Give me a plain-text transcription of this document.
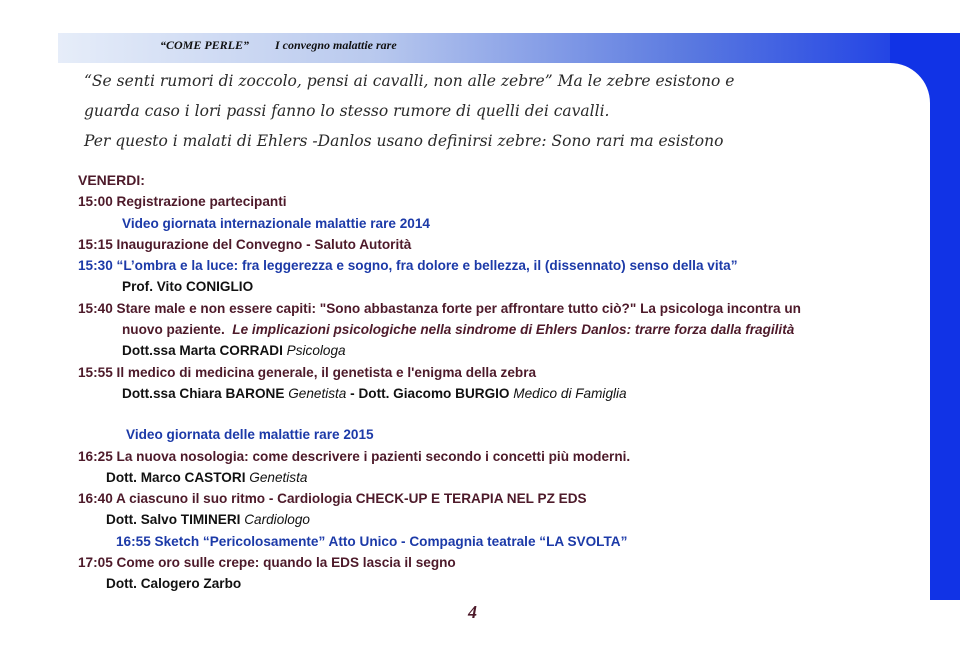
“COME PERLE” I convegno malattie rare
“Se senti rumori di zoccolo, pensi ai cavalli, non alle zebre” Ma le zebre esistono e
guarda caso i lori passi fanno lo stesso rumore di quelli dei cavalli.
Per questo i malati di Ehlers -Danlos usano definirsi zebre: Sono rari ma esistono
VENERDI:
15:00 Registrazione partecipanti
Video giornata internazionale malattie rare 2014
15:15 Inaugurazione del Convegno - Saluto Autorità
15:30 “L’ombra e la luce: fra leggerezza e sogno, fra dolore e bellezza, il (dissennato) senso della vita”
Prof. Vito CONIGLIO
15:40 Stare male e non essere capiti: "Sono abbastanza forte per affrontare tutto ciò?" La psicologa incontra un
nuovo paziente. Le implicazioni psicologiche nella sindrome di Ehlers Danlos: trarre forza dalla fragilità
Dott.ssa Marta CORRADI Psicologa
15:55 Il medico di medicina generale, il genetista e l'enigma della zebra
Dott.ssa Chiara BARONE Genetista - Dott. Giacomo BURGIO Medico di Famiglia
Video giornata delle malattie rare 2015
16:25 La nuova nosologia: come descrivere i pazienti secondo i concetti più moderni.
Dott. Marco CASTORI Genetista
16:40 A ciascuno il suo ritmo - Cardiologia CHECK-UP E TERAPIA NEL PZ EDS
Dott. Salvo TIMINERI Cardiologo
16:55 Sketch “Pericolosamente” Atto Unico - Compagnia teatrale “LA SVOLTA”
17:05 Come oro sulle crepe: quando la EDS lascia il segno
Dott. Calogero Zarbo
4
